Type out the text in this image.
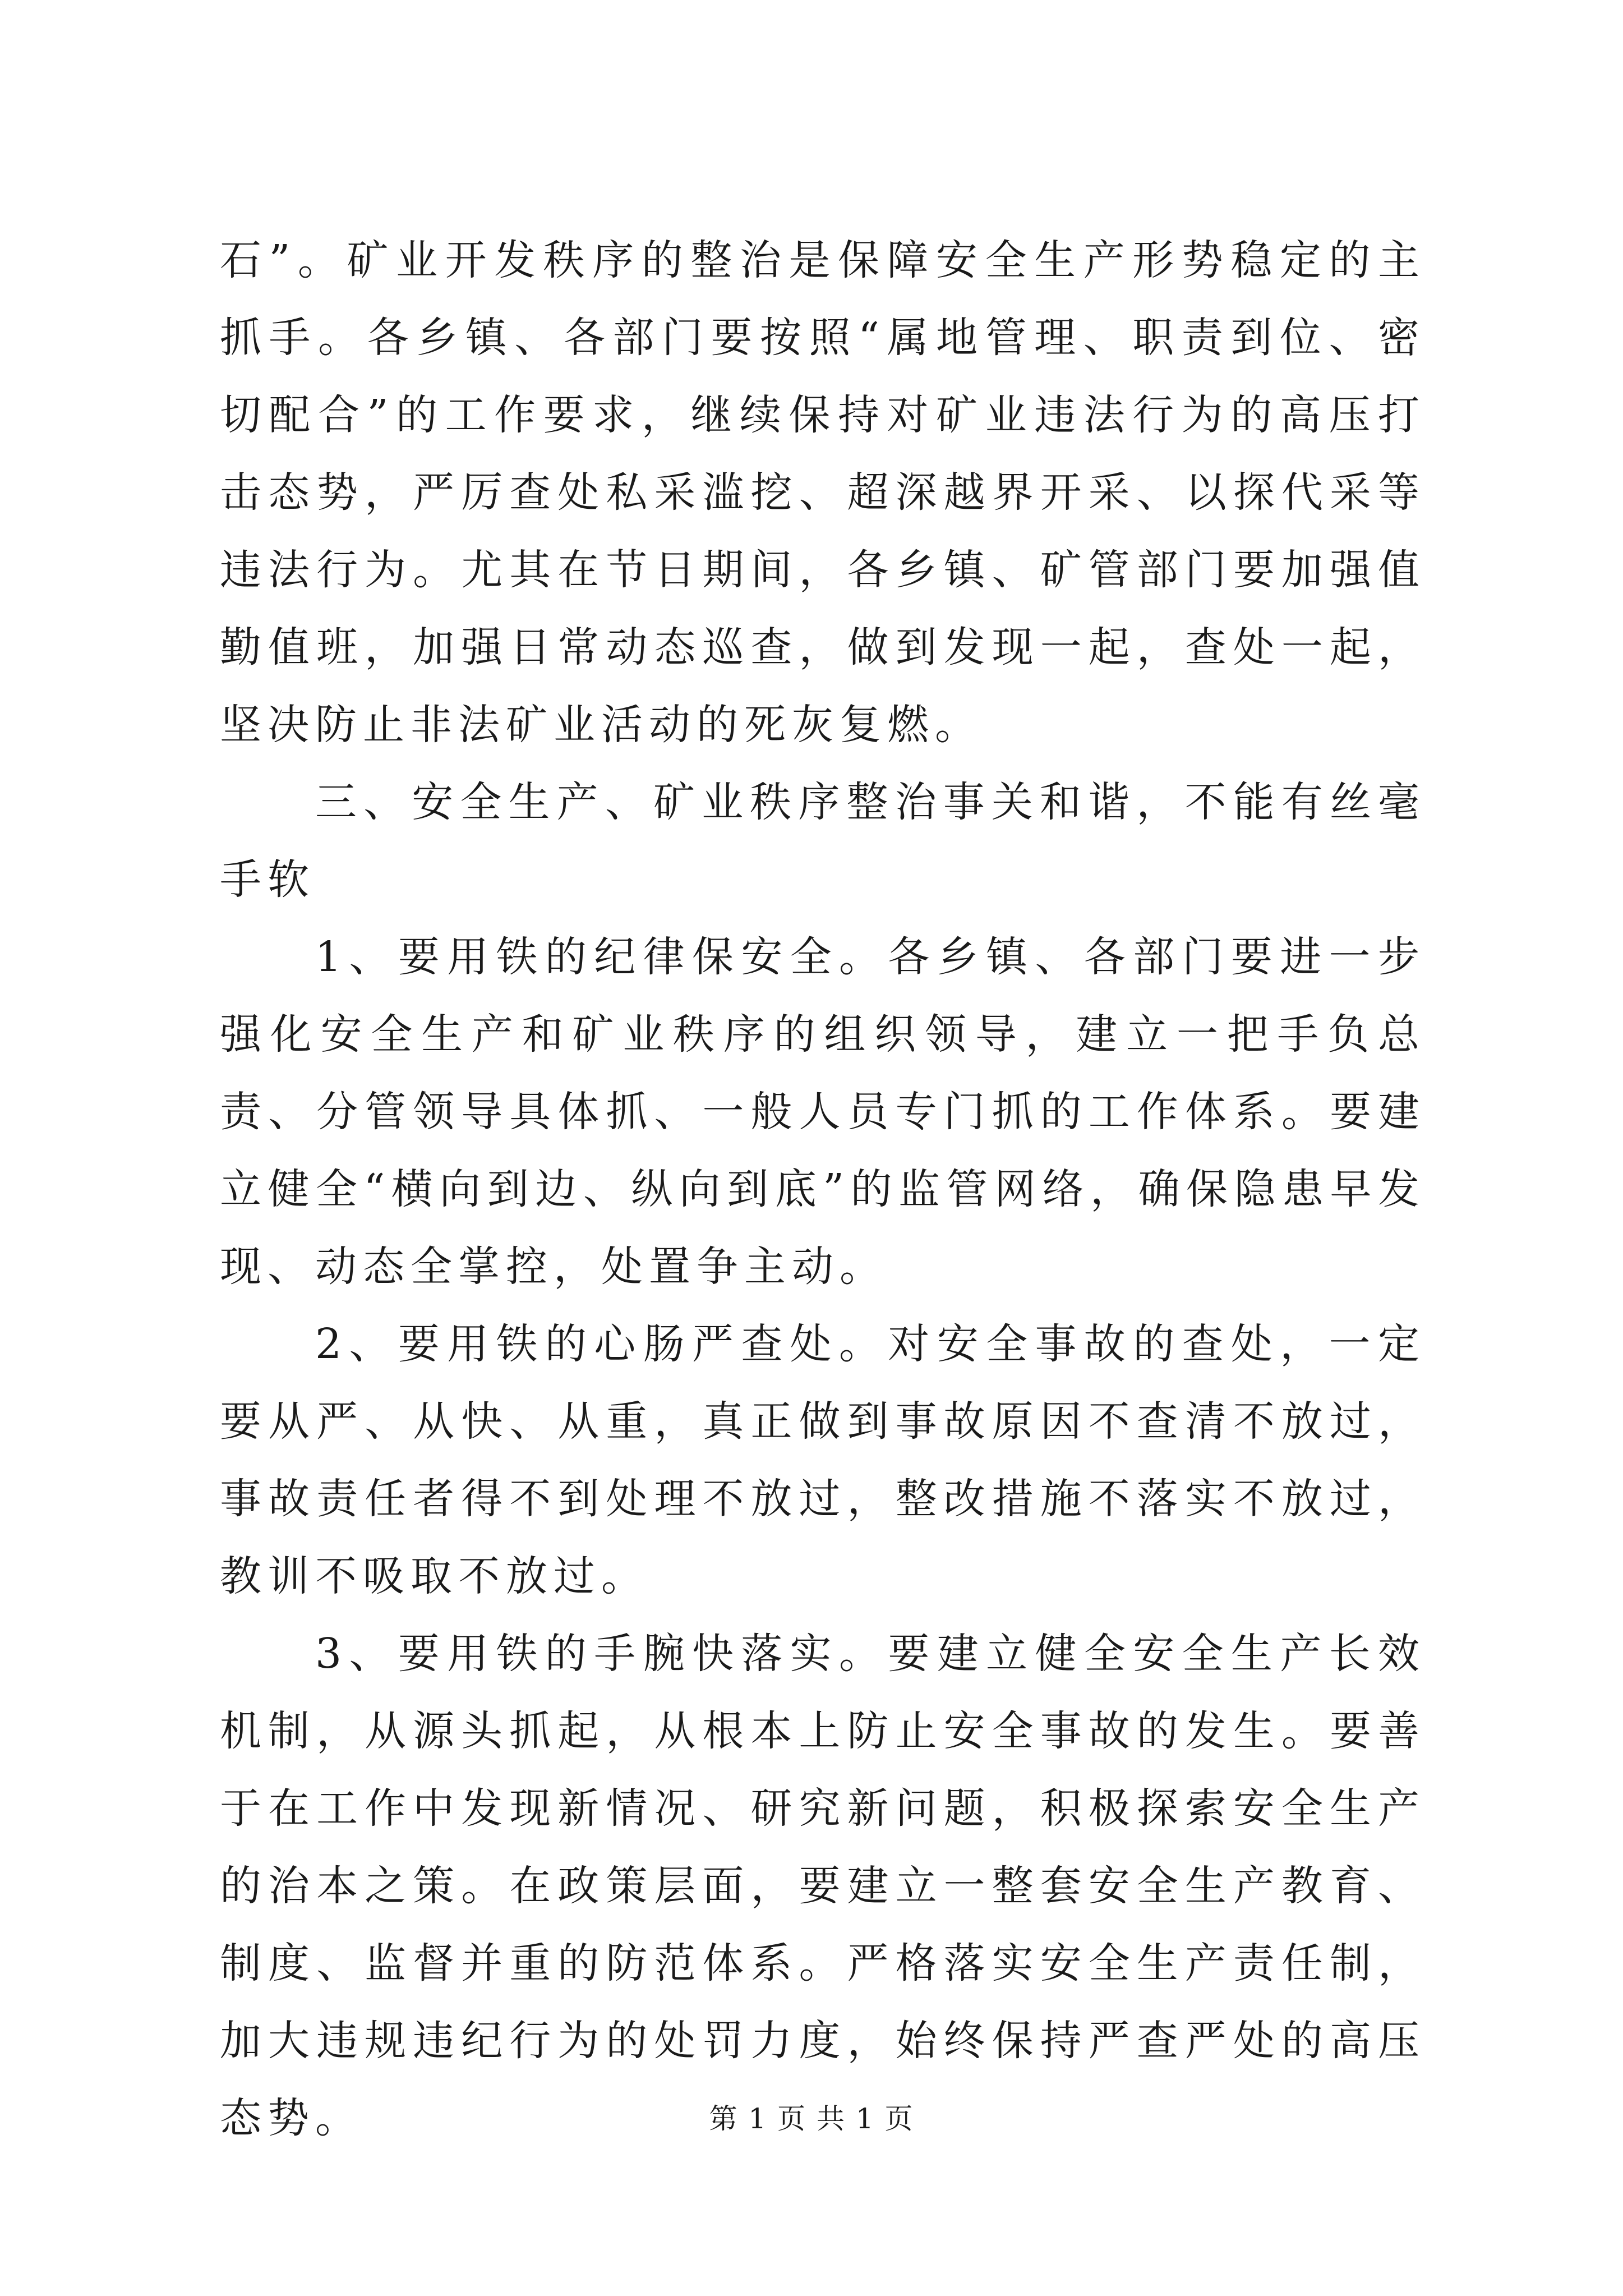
石”。矿业开发秩序的整治是保障安全生产形势稳定的主抓手。各乡镇、各部门要按照“属地管理、职责到位、密切配合”的工作要求，继续保持对矿业违法行为的高压打击态势，严厉查处私采滥挖、超深越界开采、以探代采等违法行为。尤其在节日期间，各乡镇、矿管部门要加强值勤值班，加强日常动态巡查，做到发现一起，查处一起，坚决防止非法矿业活动的死灰复燃。

三、安全生产、矿业秩序整治事关和谐，不能有丝毫手软

1、要用铁的纪律保安全。各乡镇、各部门要进一步强化安全生产和矿业秩序的组织领导，建立一把手负总责、分管领导具体抓、一般人员专门抓的工作体系。要建立健全“横向到边、纵向到底”的监管网络，确保隐患早发现、动态全掌控，处置争主动。

2、要用铁的心肠严查处。对安全事故的查处，一定要从严、从快、从重，真正做到事故原因不查清不放过，事故责任者得不到处理不放过，整改措施不落实不放过，教训不吸取不放过。

3、要用铁的手腕快落实。要建立健全安全生产长效机制，从源头抓起，从根本上防止安全事故的发生。要善于在工作中发现新情况、研究新问题，积极探索安全生产的治本之策。在政策层面，要建立一整套安全生产教育、制度、监督并重的防范体系。严格落实安全生产责任制，加大违规违纪行为的处罚力度，始终保持严查严处的高压态势。	第 1 页 共 1 页
